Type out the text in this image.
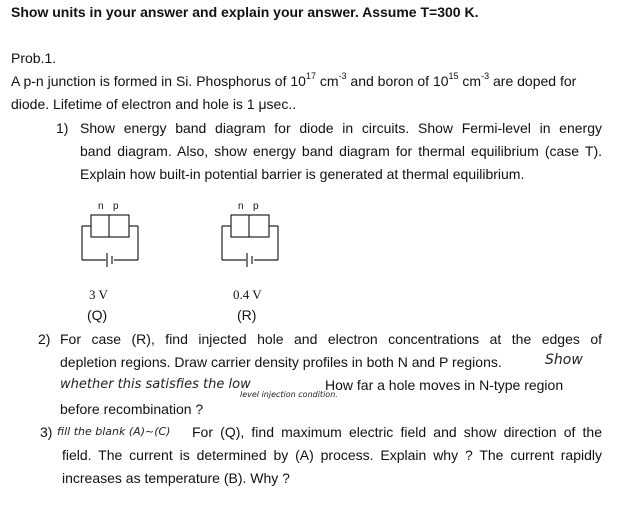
Show units in your answer and explain your answer. Assume T=300 K.
Prob.1.
A p-n junction is formed in Si. Phosphorus of $10^{17}$ $cm^{-3}$ and boron of $10^{15}$ $cm^{-3}$ are doped for
diode. Lifetime of electron and hole is 1 μsec..
1) Show energy band diagram for diode in circuits. Show Fermi-level in energy
band diagram. Also, show energy band diagram for thermal equilibrium (case T).
Explain how built-in potential barrier is generated at thermal equilibrium.
n p
3 V
(Q)
n p
0.4 V
(R)
2) For case (R), find injected hole and electron concentrations at the edges of
depletion regions. Draw carrier density profiles in both N and P regions.	Show
whether this satisfies the low
level injection condition.
How far a hole moves in N-type region
before recombination ?
3) fill the blank (A)~(C) For (Q), find maximum electric field and show direction of the
field. The current is determined by (A) process. Explain why ? The current rapidly
increases as temperature (B). Why ?
